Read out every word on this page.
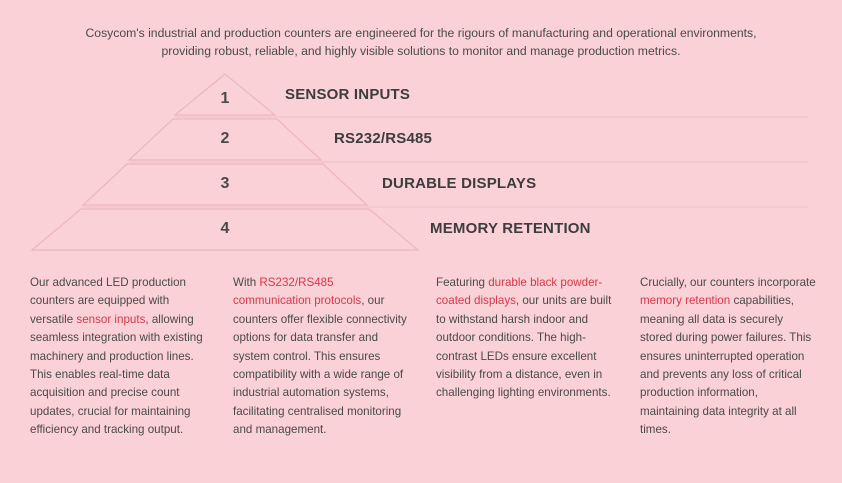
Cosycom's industrial and production counters are engineered for the rigours of manufacturing and operational environments,
providing robust, reliable, and highly visible solutions to monitor and manage production metrics.
1	SENSOR INPUTS
2	RS232/RS485
3	DURABLE DISPLAYS
4	MEMORY RETENTION
Our advanced LED production counters are equipped with versatile sensor inputs, allowing seamless integration with existing machinery and production lines. This enables real-time data acquisition and precise count updates, crucial for maintaining efficiency and tracking output.
With RS232/RS485 communication protocols, our counters offer flexible connectivity options for data transfer and system control. This ensures compatibility with a wide range of industrial automation systems, facilitating centralised monitoring and management.
Featuring durable black powder-coated displays, our units are built to withstand harsh indoor and outdoor conditions. The high-contrast LEDs ensure excellent visibility from a distance, even in challenging lighting environments.
Crucially, our counters incorporate memory retention capabilities, meaning all data is securely stored during power failures. This ensures uninterrupted operation and prevents any loss of critical production information, maintaining data integrity at all times.
